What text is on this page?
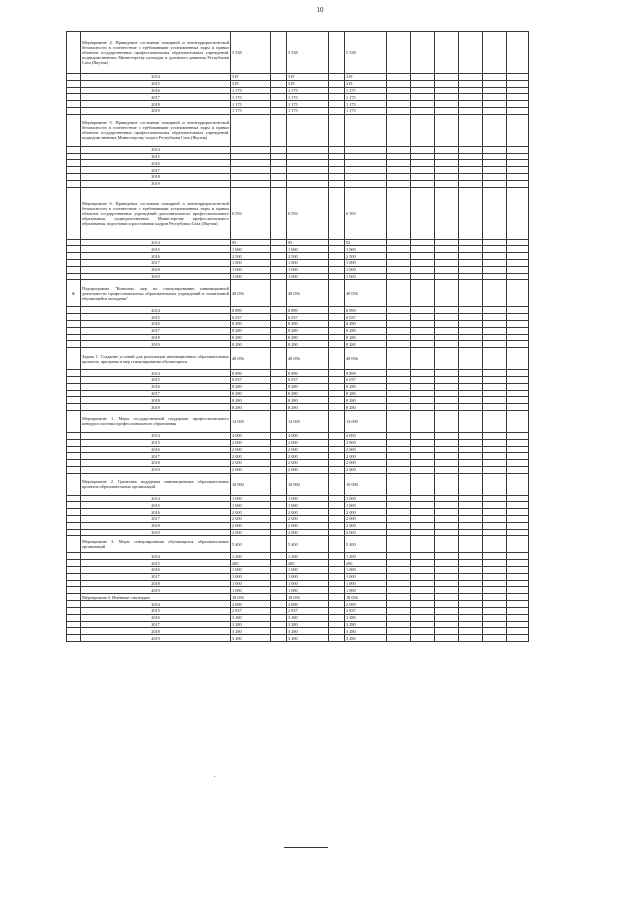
10
	Мероприятие 4. Приведение состояния пожарной и антитеррористической безопасности в соответствие с требованиями установленных норм и правил объектов государственных профессиональных образовательных учреждений, подведомственных Министерству культуры и духовного развития Республики Саха (Якутия)	5 338		5 338		5 338						
	2014	319		319		319						
	2015	319		319		319						
	2016	1 175		1 175		1 175						
	2017	1 175		1 175		1 175						
	2018	1 175		1 175		1 175						
	2019	1 175		1 175		1 175						
	Мероприятие 5. Приведение состояния пожарной и антитеррористической безопасности в соответствие с требованиями установленных норм и правил объектов государственных профессиональных образовательных учреждений, подведомственных Министерству спорта Республики Саха (Якутия)											
	2014											
	2015											
	2016											
	2017											
	2018											
	2019											
	Мероприятие 6. Приведение состояния пожарной и антитеррористической безопасности в соответствие с требованиями установленных норм и правил объектов государственных учреждений дополнительного профессионального образования, подведомственных Министерству профессионального образования, подготовки и расстановки кадров Республики Саха (Якутия)	6 593		6 593		6 593						
	2014	93		93		93						
	2015	1 000		1 000		1 000						
	2016	2 500		2 500		2 500						
	2017	1 000		1 000		1 000						
	2018	1 000		1 000		1 000						
	2019	1 000		1 000		1 000						
6	Подпрограмма "Комплекс мер по стимулированию инновационной деятельности профессиональных образовательных учреждений и талантливой обучающейся молодежи"	48 056		48 056		48 056						
	2014	8 899		8 899		8 899						
	2015	6 037		6 037		6 037						
	2016	8 280		8 280		8 280						
	2017	8 280		8 280		8 280						
	2018	8 280		8 280		8 280						
	2019	8 280		8 280		8 280						
	Задача 1. Создание условий для реализации инновационных образовательных проектов, программ и мер стимулирования обучающихся	48 056		48 056		48 056						
	2014	8 899		8 899		8 899						
	2015	6 037		6 037		6 037						
	2016	8 280		8 280		8 280						
	2017	8 280		8 280		8 280						
	2018	8 280		8 280		8 280						
	2019	8 280		8 280		8 280						
	Мероприятие 1. Меры государственной поддержки профессионального конкурса системы профессионального образования	14 000		14 000		14 000						
	2014	4 000		4 000		4 000						
	2015	2 000		2 000		2 000						
	2016	2 000		2 000		2 000						
	2017	2 000		2 000		2 000						
	2018	2 000		2 000		2 000						
	2019	2 000		2 000		2 000						
	Мероприятие 2. Грантовая поддержка инновационных образовательных проектов образовательных организаций	10 000		10 000		10 000						
	2014	1 000		1 000		1 000						
	2015	1 000		1 000		1 000						
	2016	2 000		2 000		2 000						
	2017	2 000		2 000		2 000						
	2018	2 000		2 000		2 000						
	2019	2 000		2 000		2 000						
	Мероприятие 3. Меры стимулирования обучающихся образовательных организаций	5 400		5 400		5 400						
	2014	1 200		1 200		1 200						
	2015	200		200		200						
	2016	1 000		1 000		1 000						
	2017	1 000		1 000		1 000						
	2018	1 000		1 000		1 000						
	2019	1 000		1 000		1 000						
	Мероприятие 4. Именные стипендии	18 656		18 656		18 656						
	2014	2 699		2 699		2 699						
	2015	2 837		2 837		2 837						
	2016	3 280		3 280		3 280						
	2017	3 280		3 280		3 280						
	2018	3 280		3 280		3 280						
	2019	3 280		3 280		3 280						
